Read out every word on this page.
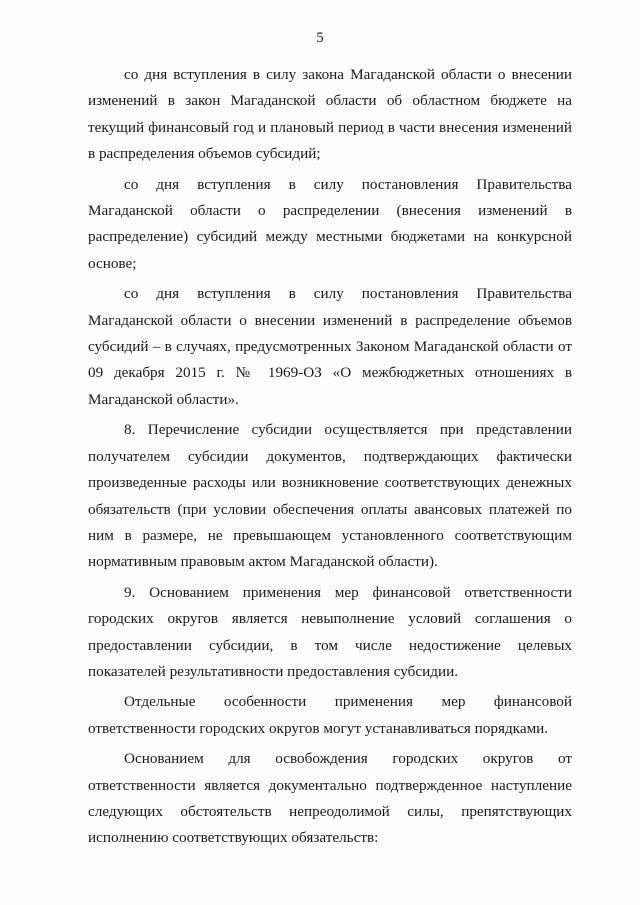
5

со дня вступления в силу закона Магаданской области о внесении изменений в закон Магаданской области об областном бюджете на текущий финансовый год и плановый период в части внесения изменений в распределения объемов субсидий;

со дня вступления в силу постановления Правительства Магаданской области о распределении (внесения изменений в распределение) субсидий между местными бюджетами на конкурсной основе;

со дня вступления в силу постановления Правительства Магаданской области о внесении изменений в распределение объемов субсидий – в случаях, предусмотренных Законом Магаданской области от 09 декабря 2015 г. № 1969-ОЗ «О межбюджетных отношениях в Магаданской области».

8. Перечисление субсидии осуществляется при представлении получателем субсидии документов, подтверждающих фактически произведенные расходы или возникновение соответствующих денежных обязательств (при условии обеспечения оплаты авансовых платежей по ним в размере, не превышающем установленного соответствующим нормативным правовым актом Магаданской области).

9. Основанием применения мер финансовой ответственности городских округов является невыполнение условий соглашения о предоставлении субсидии, в том числе недостижение целевых показателей результативности предоставления субсидии.

Отдельные особенности применения мер финансовой ответственности городских округов могут устанавливаться порядками.

Основанием для освобождения городских округов от ответственности является документально подтвержденное наступление следующих обстоятельств непреодолимой силы, препятствующих исполнению соответствующих обязательств:
